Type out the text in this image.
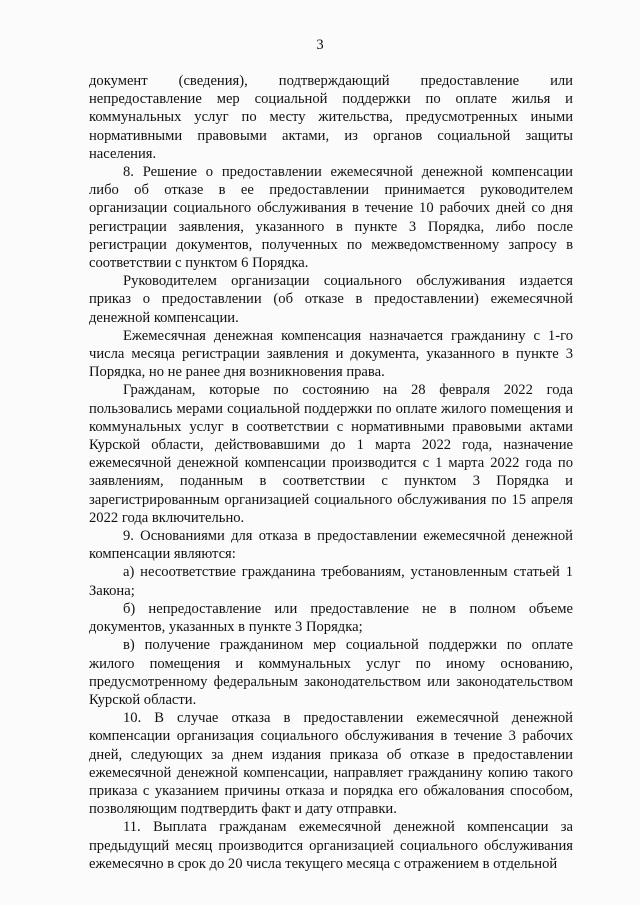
3

документ (сведения), подтверждающий предоставление или непредоставление мер социальной поддержки по оплате жилья и коммунальных услуг по месту жительства, предусмотренных иными нормативными правовыми актами, из органов социальной защиты населения.

8. Решение о предоставлении ежемесячной денежной компенсации либо об отказе в ее предоставлении принимается руководителем организации социального обслуживания в течение 10 рабочих дней со дня регистрации заявления, указанного в пункте 3 Порядка, либо после регистрации документов, полученных по межведомственному запросу в соответствии с пунктом 6 Порядка.

Руководителем организации социального обслуживания издается приказ о предоставлении (об отказе в предоставлении) ежемесячной денежной компенсации.

Ежемесячная денежная компенсация назначается гражданину с 1-го числа месяца регистрации заявления и документа, указанного в пункте 3 Порядка, но не ранее дня возникновения права.

Гражданам, которые по состоянию на 28 февраля 2022 года пользовались мерами социальной поддержки по оплате жилого помещения и коммунальных услуг в соответствии с нормативными правовыми актами Курской области, действовавшими до 1 марта 2022 года, назначение ежемесячной денежной компенсации производится с 1 марта 2022 года по заявлениям, поданным в соответствии с пунктом 3 Порядка и зарегистрированным организацией социального обслуживания по 15 апреля 2022 года включительно.

9. Основаниями для отказа в предоставлении ежемесячной денежной компенсации являются:

а) несоответствие гражданина требованиям, установленным статьей 1 Закона;

б) непредоставление или предоставление не в полном объеме документов, указанных в пункте 3 Порядка;

в) получение гражданином мер социальной поддержки по оплате жилого помещения и коммунальных услуг по иному основанию, предусмотренному федеральным законодательством или законодательством Курской области.

10. В случае отказа в предоставлении ежемесячной денежной компенсации организация социального обслуживания в течение 3 рабочих дней, следующих за днем издания приказа об отказе в предоставлении ежемесячной денежной компенсации, направляет гражданину копию такого приказа с указанием причины отказа и порядка его обжалования способом, позволяющим подтвердить факт и дату отправки.

11. Выплата гражданам ежемесячной денежной компенсации за предыдущий месяц производится организацией социального обслуживания ежемесячно в срок до 20 числа текущего месяца с отражением в отдельной
